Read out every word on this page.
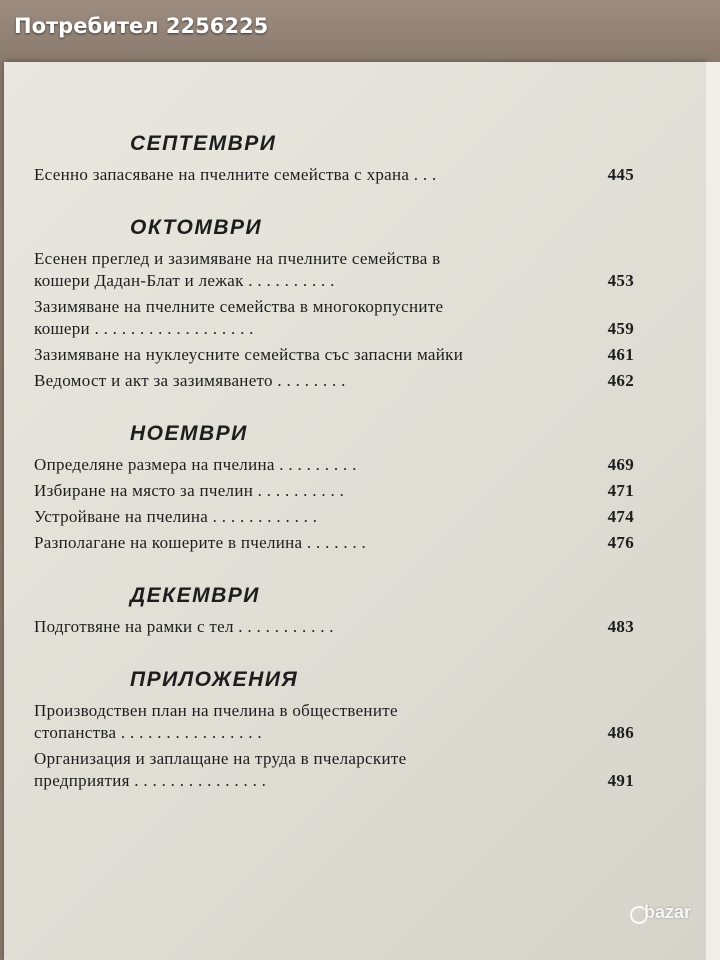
Потребител 2256225
СЕПТЕМВРИ
Есенно запасяване на пчелните семейства с храна . . .	445
ОКТОМВРИ
Есенен преглед и зазимяване на пчелните семейства в
кошери Дадан-Блат и лежак . . . . . . . . . .	453
Зазимяване на пчелните семейства в многокорпусните
кошери . . . . . . . . . . . . . . . . . .	459
Зазимяване на нуклеусните семейства със запасни майки	461
Ведомост и акт за зазимяването . . . . . . . .	462
НОЕМВРИ
Определяне размера на пчелина . . . . . . . . .	469
Избиране на място за пчелин . . . . . . . . . .	471
Устройване на пчелина . . . . . . . . . . . .	474
Разполагане на кошерите в пчелина . . . . . . .	476
ДЕКЕМВРИ
Подготвяне на рамки с тел . . . . . . . . . . .	483
ПРИЛОЖЕНИЯ
Производствен план на пчелина в обществените
стопанства . . . . . . . . . . . . . . . .	486
Организация и заплащане на труда в пчеларските
предприятия . . . . . . . . . . . . . . .	491
bazar
